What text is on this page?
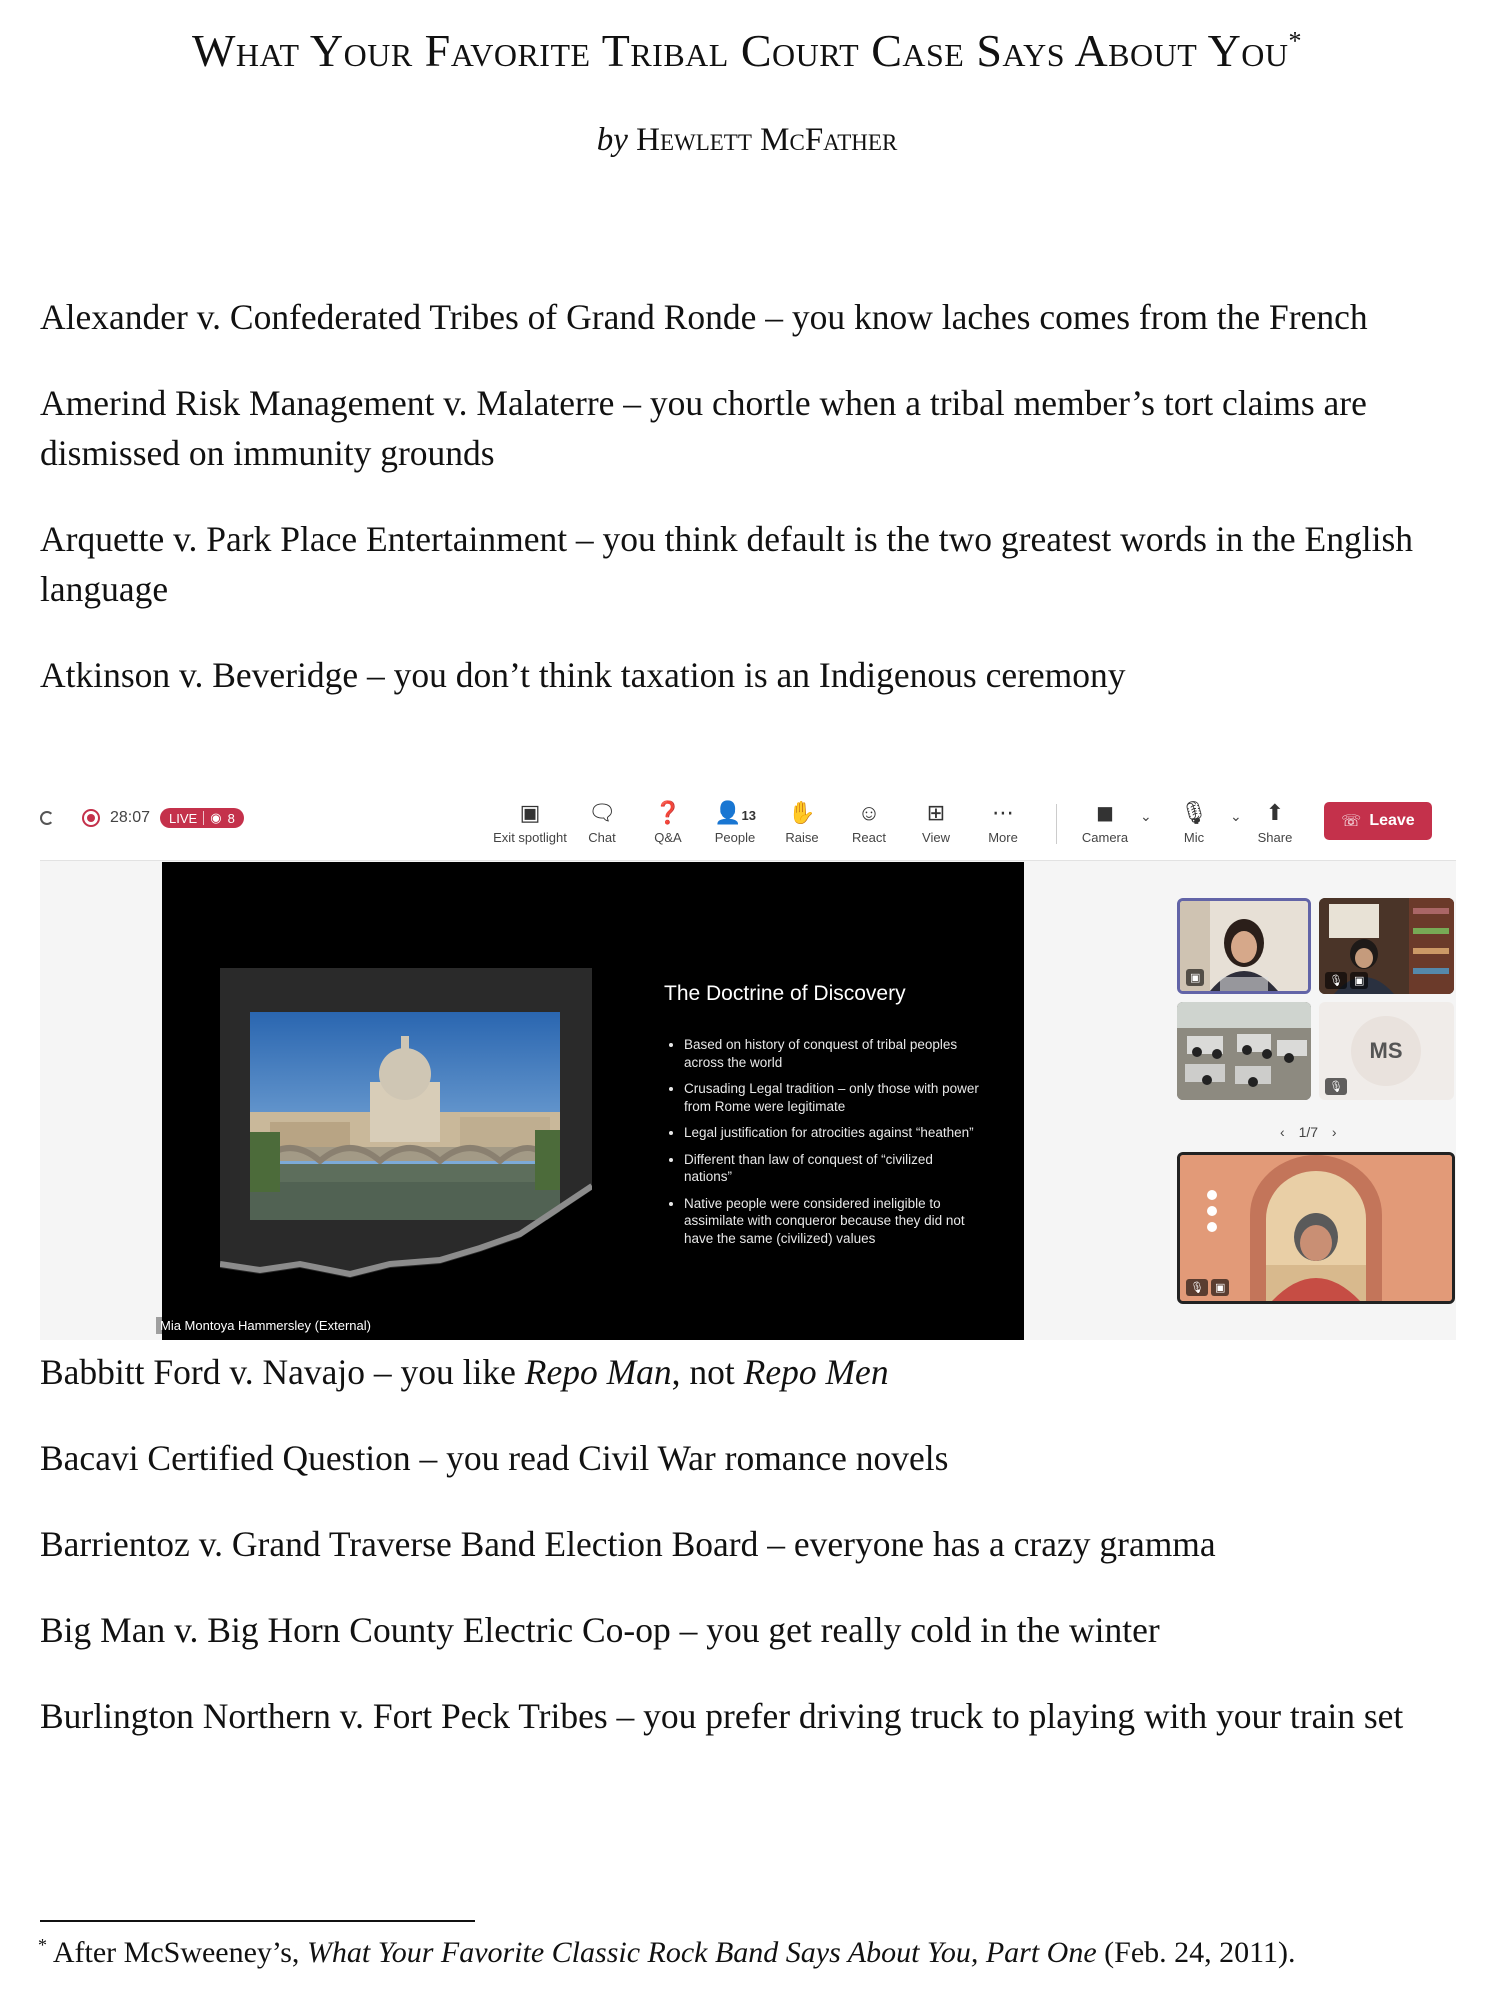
What Your Favorite Tribal Court Case Says About You*
by Hewlett McFather

Alexander v. Confederated Tribes of Grand Ronde – you know laches comes from the French

Amerind Risk Management v. Malaterre – you chortle when a tribal member’s tort claims are dismissed on immunity grounds

Arquette v. Park Place Entertainment – you think default is the two greatest words in the English language

Atkinson v. Beveridge – you don’t think taxation is an Indigenous ceremony

28:07 LIVE ◉ 8	▣
Exit spotlight
🗨
Chat
❓
Q&A
👤13
People
✋
Raise
☺
React
⊞
View
⋯
More
◼
Camera
⌄	🎙
Mic
⌄	⬆
Share
☏ Leave
The Doctrine of Discovery
• Based on history of conquest of tribal peoples across the world
• Crusading Legal tradition – only those with power from Rome were legitimate
• Legal justification for atrocities against “heathen”
• Different than law of conquest of “civilized nations”
• Native people were considered ineligible to assimilate with conqueror because they did not have the same (civilized) values
Mia Montoya Hammersley (External)
▣	🎙	▣
MS
🎙
‹ 1/7 ›
🎙	▣

Babbitt Ford v. Navajo – you like Repo Man, not Repo Men

Bacavi Certified Question – you read Civil War romance novels

Barrientoz v. Grand Traverse Band Election Board – everyone has a crazy gramma

Big Man v. Big Horn County Electric Co-op – you get really cold in the winter

Burlington Northern v. Fort Peck Tribes – you prefer driving truck to playing with your train set

* After McSweeney’s, What Your Favorite Classic Rock Band Says About You, Part One (Feb. 24, 2011).
